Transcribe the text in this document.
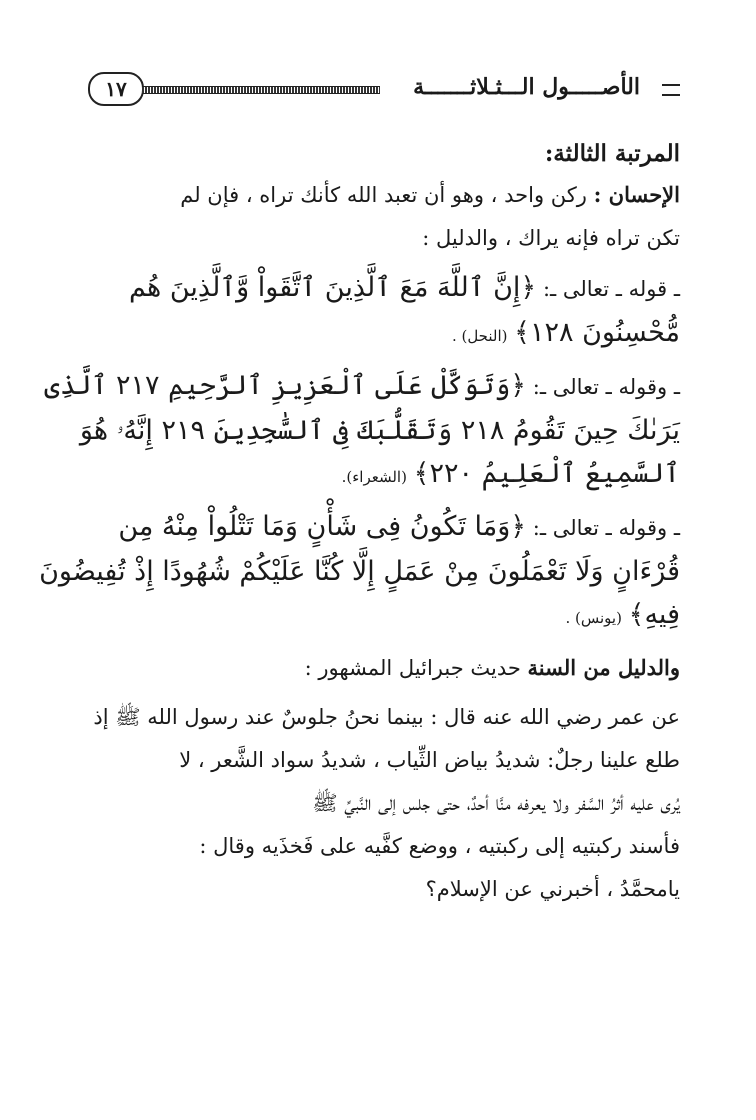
١٧	الأصـــــول الـــثـلاثـــــــة
المرتبة الثالثة:
الإحسان : ركن واحد ، وهو أن تعبد الله كأنك تراه ، فإن لم
تكن تراه فإنه يراك ، والدليل :
ـ قوله ـ تعالى ـ: ﴿إِنَّ ٱللَّهَ مَعَ ٱلَّذِينَ ٱتَّقَواْ وَّٱلَّذِينَ هُم
مُّحْسِنُونَ ١٢٨﴾ (النحل) .
ـ وقوله ـ تعالى ـ: ﴿وَتَوَكَّلْ عَلَى ٱلْعَزِيزِ ٱلرَّحِيمِ ٢١٧ ٱلَّذِى
يَرَىٰكَ حِينَ تَقُومُ ٢١٨ وَتَقَلُّبَكَ فِى ٱلسَّٰجِدِينَ ٢١٩ إِنَّهُۥ هُوَ
ٱلسَّمِيعُ ٱلْعَلِيمُ ٢٢٠﴾ (الشعراء).
ـ وقوله ـ تعالى ـ: ﴿وَمَا تَكُونُ فِى شَأْنٍ وَمَا تَتْلُواْ مِنْهُ مِن
قُرْءَانٍ وَلَا تَعْمَلُونَ مِنْ عَمَلٍ إِلَّا كُنَّا عَلَيْكُمْ شُهُودًا إِذْ تُفِيضُونَ
فِيهِ﴾ (يونس) .
والدليل من السنة حديث جبرائيل المشهور :
عن عمر رضي الله عنه قال : بينما نحنُ جلوسٌ عند رسول الله ﷺ إذ
طلع علينا رجلٌ: شديدُ بياض الثِّياب ، شديدُ سواد الشَّعر ، لا
يُرى عليه أثرُ السَّفر ولا يعرفه منَّا أحدٌ، حتى جلس إلى النَّبيِّ ﷺ
فأسند ركبتيه إلى ركبتيه ، ووضع كفَّيه على فَخذَيه وقال :
يامحمَّدُ ، أخبرني عن الإسلام؟
